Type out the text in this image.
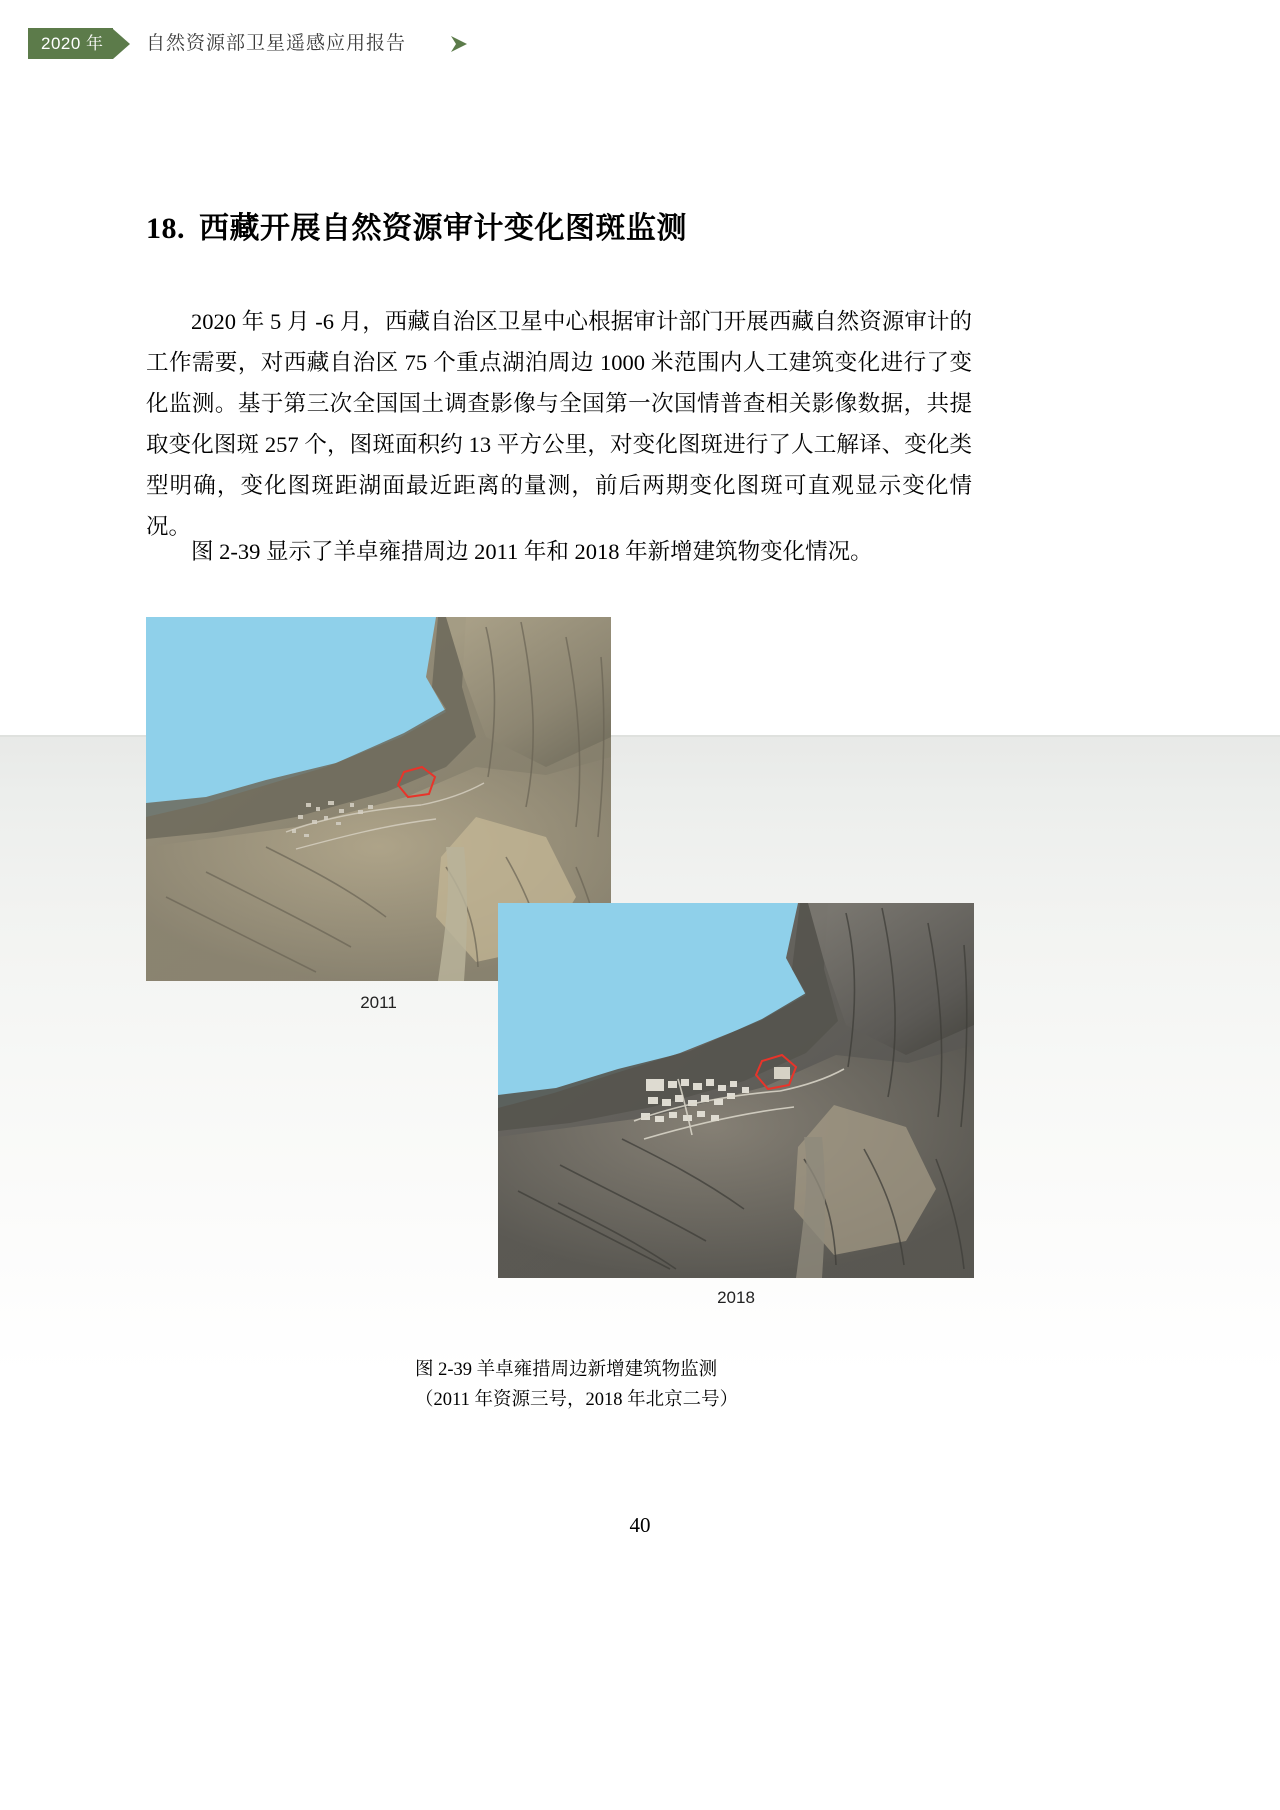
2020 年	自然资源部卫星遥感应用报告
18. 西藏开展自然资源审计变化图斑监测

2020 年 5 月 -6 月，西藏自治区卫星中心根据审计部门开展西藏自然资源审计的工作需要，对西藏自治区 75 个重点湖泊周边 1000 米范围内人工建筑变化进行了变化监测。基于第三次全国国土调查影像与全国第一次国情普查相关影像数据，共提取变化图斑 257 个，图斑面积约 13 平方公里，对变化图斑进行了人工解译、变化类型明确，变化图斑距湖面最近距离的量测，前后两期变化图斑可直观显示变化情况。

图 2-39 显示了羊卓雍措周边 2011 年和 2018 年新增建筑物变化情况。

2011
2018
图 2-39 羊卓雍措周边新增建筑物监测
（2011 年资源三号，2018 年北京二号）
40
